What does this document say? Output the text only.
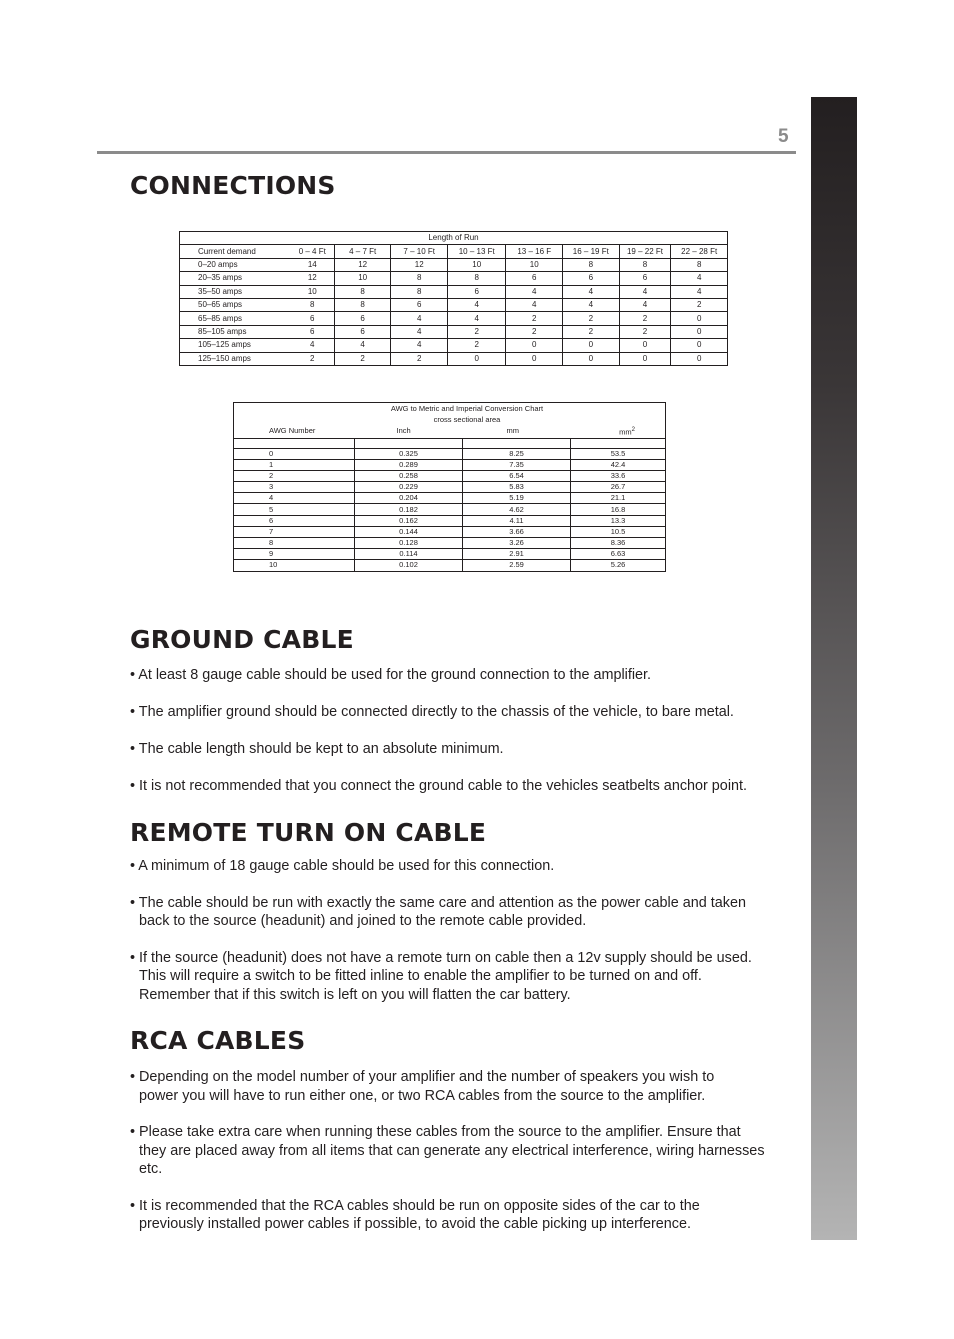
5
CONNECTIONS
Length of Run								
Current demand	0 – 4 Ft	4 – 7 Ft	7 – 10 Ft	10 – 13 Ft	13 – 16 F	16 – 19 Ft	19 – 22 Ft	22 – 28 Ft
0–20 amps	14	12	12	10	10	8	8	8
20–35 amps	12	10	8	8	6	6	6	4
35–50 amps	10	8	8	6	4	4	4	4
50–65 amps	8	8	6	4	4	4	4	2
65–85 amps	6	6	4	4	2	2	2	0
85–105 amps	6	6	4	2	2	2	2	0
105–125 amps	4	4	4	2	0	0	0	0
125–150 amps	2	2	2	0	0	0	0	0
AWG to Metric and Imperial Conversion Chart			
cross sectional area			
AWG Number	Inch	mm	$mm^2$

0	0.325	8.25	53.5
1	0.289	7.35	42.4
2	0.258	6.54	33.6
3	0.229	5.83	26.7
4	0.204	5.19	21.1
5	0.182	4.62	16.8
6	0.162	4.11	13.3
7	0.144	3.66	10.5
8	0.128	3.26	8.36
9	0.114	2.91	6.63
10	0.102	2.59	5.26
GROUND CABLE
• At least 8 gauge cable should be used for the ground connection to the amplifier.
• The amplifier ground should be connected directly to the chassis of the vehicle, to bare metal.
• The cable length should be kept to an absolute minimum.
• It is not recommended that you connect the ground cable to the vehicles seatbelts anchor point.
REMOTE TURN ON CABLE
• A minimum of 18 gauge cable should be used for this connection.
• The cable should be run with exactly the same care and attention as the power cable and taken
back to the source (headunit) and joined to the remote cable provided.
• If the source (headunit) does not have a remote turn on cable then a 12v supply should be used.
This will require a switch to be fitted inline to enable the amplifier to be turned on and off.
Remember that if this switch is left on you will flatten the car battery.
RCA CABLES
• Depending on the model number of your amplifier and the number of speakers you wish to
power you will have to run either one, or two RCA cables from the source to the amplifier.
• Please take extra care when running these cables from the source to the amplifier. Ensure that
they are placed away from all items that can generate any electrical interference, wiring harnesses
etc.
• It is recommended that the RCA cables should be run on opposite sides of the car to the
previously installed power cables if possible, to avoid the cable picking up interference.
